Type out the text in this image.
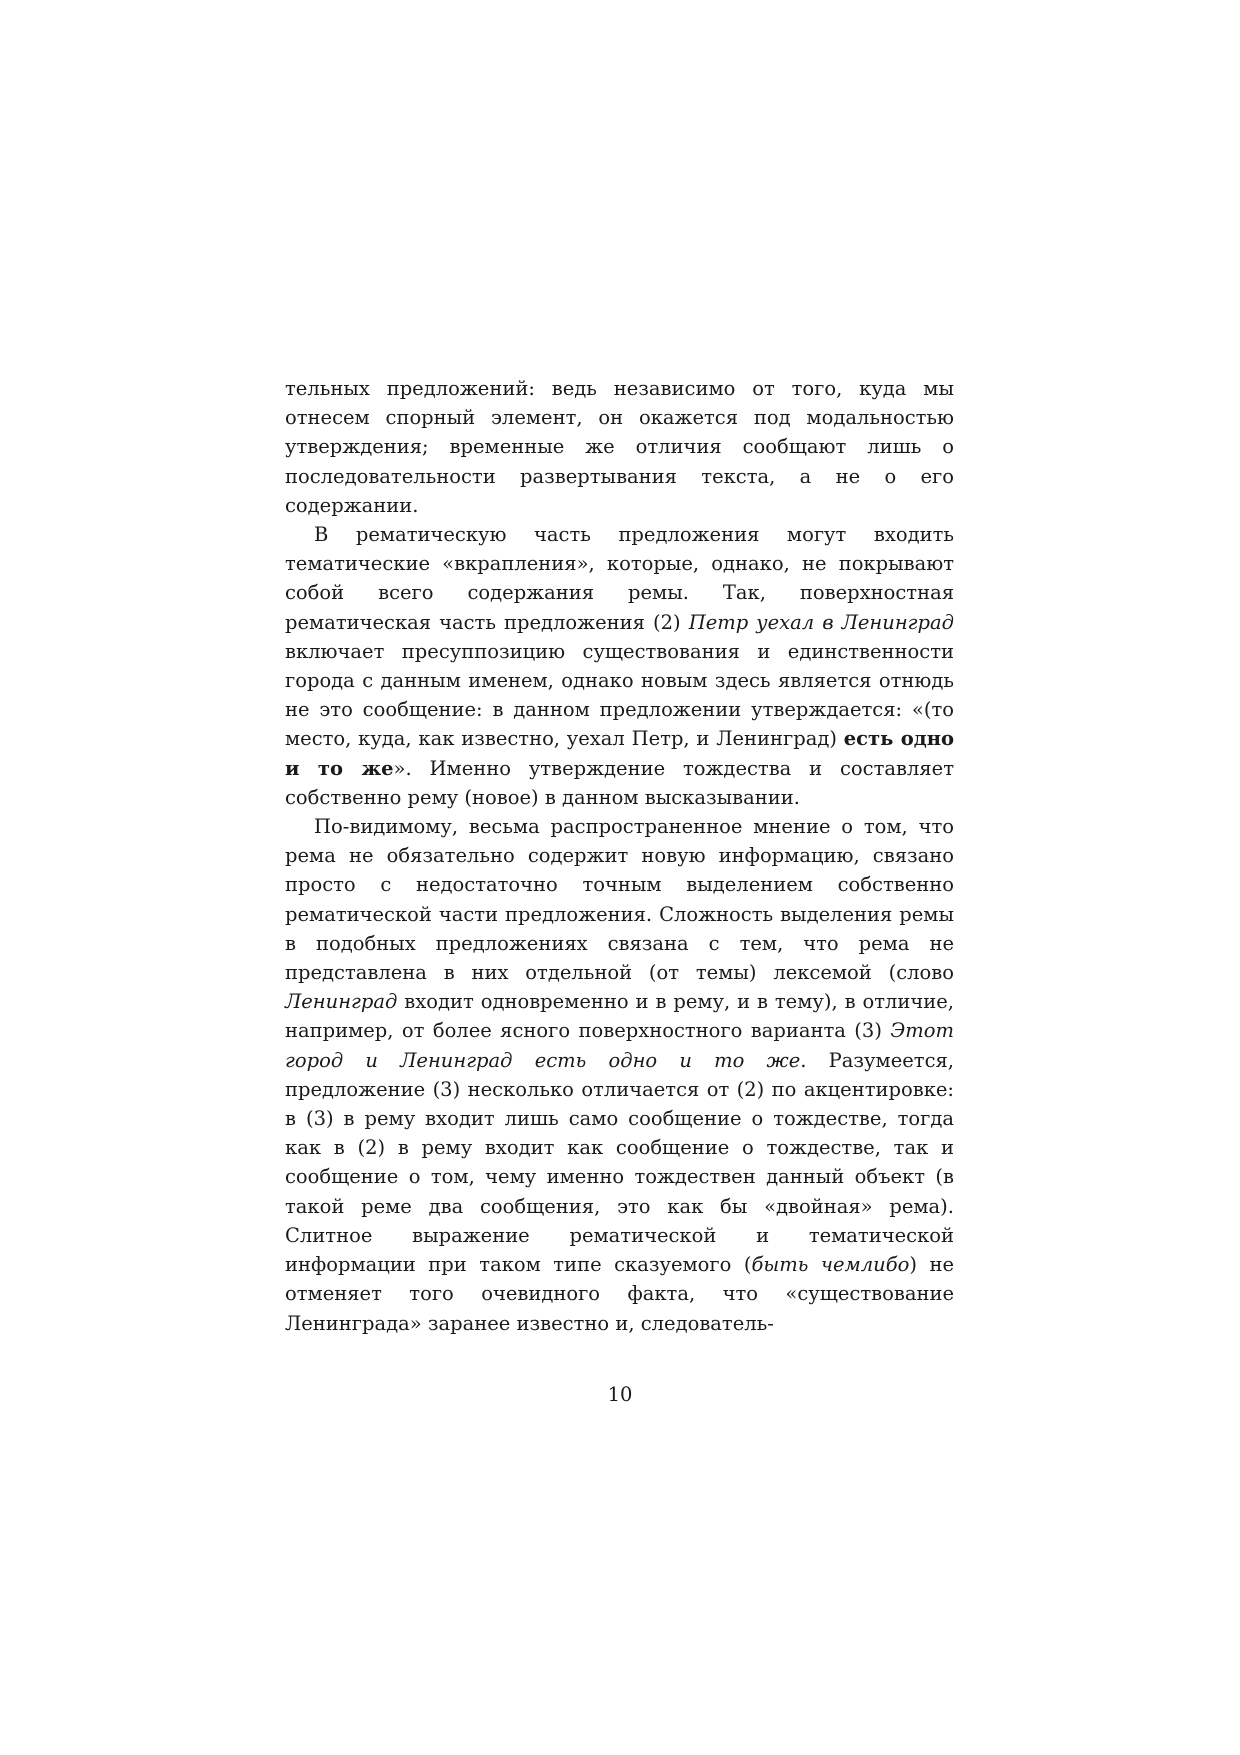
тельных предложений: ведь независимо от того, куда мы отнесем спорный элемент, он окажется под модальностью утверждения; временные же отличия сообщают лишь о последовательности развертывания текста, а не о его содержании.

В рематическую часть предложения могут входить тематические «вкрапления», которые, однако, не покрывают собой всего содержания ремы. Так, поверхностная рематическая часть предложения (2) Петр уехал в Ленинград включает пресуппозицию существования и единственности города с данным именем, однако новым здесь является отнюдь не это сообщение: в данном предложении утверждается: «(то место, куда, как известно, уехал Петр, и Ленинград) есть одно и то же». Именно утверждение тождества и составляет собственно рему (новое) в данном высказывании.

По-видимому, весьма распространенное мнение о том, что рема не обязательно содержит новую информацию, связано просто с недостаточно точным выделением собственно рематической части предложения. Сложность выделения ремы в подобных предложениях связана с тем, что рема не представлена в них отдельной (от темы) лексемой (слово Ленинград входит одновременно и в рему, и в тему), в отличие, например, от более ясного поверхностного варианта (3) Этот город и Ленинград есть одно и то же. Разумеется, предложение (3) несколько отличается от (2) по акцентировке: в (3) в рему входит лишь само сообщение о тождестве, тогда как в (2) в рему входит как сообщение о тождестве, так и сообщение о том, чему именно тождествен данный объект (в такой реме два сообщения, это как бы «двойная» рема). Слитное выражение рематической и тематической информации при таком типе сказуемого (быть чемлибо) не отменяет того очевидного факта, что «существование Ленинграда» заранее известно и, следователь-

10
